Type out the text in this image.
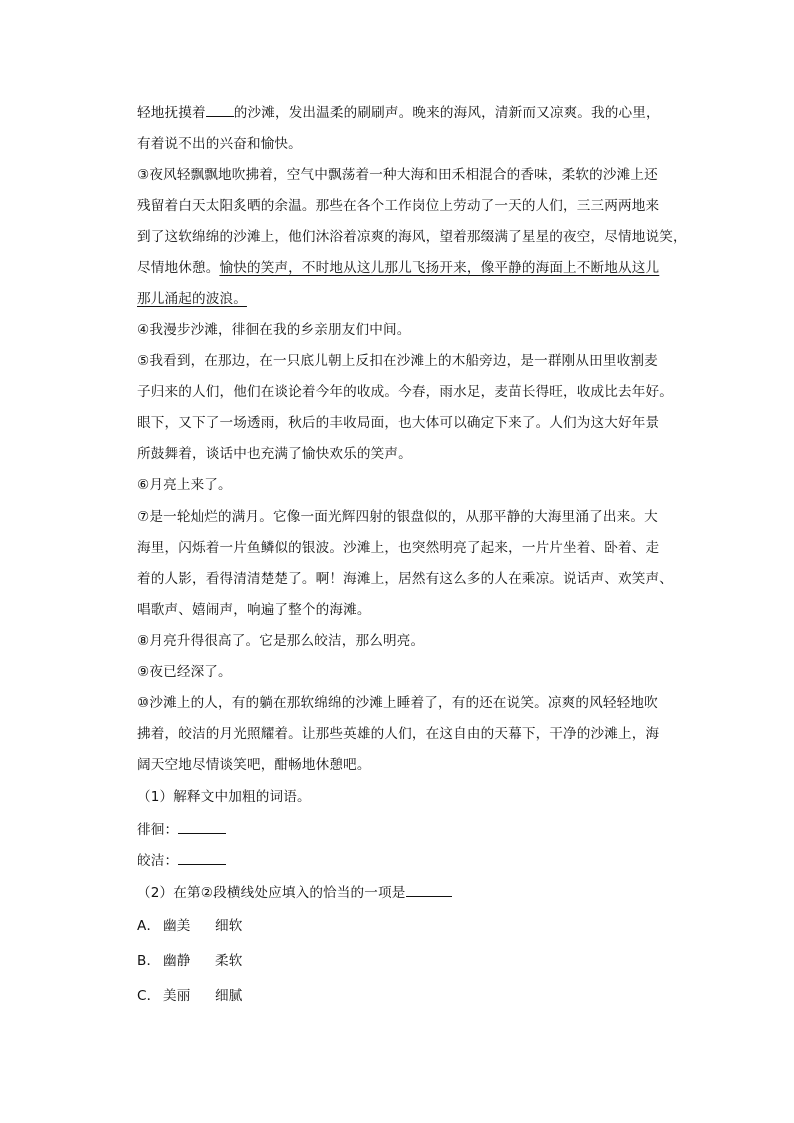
轻地抚摸着 的沙滩，发出温柔的刷刷声。晚来的海风，清新而又凉爽。我的心里，
有着说不出的兴奋和愉快。
③夜风轻飘飘地吹拂着，空气中飘荡着一种大海和田禾相混合的香味，柔软的沙滩上还
残留着白天太阳炙晒的余温。那些在各个工作岗位上劳动了一天的人们，三三两两地来
到了这软绵绵的沙滩上，他们沐浴着凉爽的海风，望着那缀满了星星的夜空，尽情地说笑，
尽情地休憩。愉快的笑声，不时地从这儿那儿飞扬开来，像平静的海面上不断地从这儿
那儿涌起的波浪。
④我漫步沙滩，徘徊在我的乡亲朋友们中间。
⑤我看到，在那边，在一只底儿朝上反扣在沙滩上的木船旁边，是一群刚从田里收割麦
子归来的人们，他们在谈论着今年的收成。今春，雨水足，麦苗长得旺，收成比去年好。
眼下，又下了一场透雨，秋后的丰收局面，也大体可以确定下来了。人们为这大好年景
所鼓舞着，谈话中也充满了愉快欢乐的笑声。
⑥月亮上来了。
⑦是一轮灿烂的满月。它像一面光辉四射的银盘似的，从那平静的大海里涌了出来。大
海里，闪烁着一片鱼鳞似的银波。沙滩上，也突然明亮了起来，一片片坐着、卧着、走
着的人影，看得清清楚楚了。啊！海滩上，居然有这么多的人在乘凉。说话声、欢笑声、
唱歌声、嬉闹声，响遍了整个的海滩。
⑧月亮升得很高了。它是那么皎洁，那么明亮。
⑨夜已经深了。
⑩沙滩上的人，有的躺在那软绵绵的沙滩上睡着了，有的还在说笑。凉爽的风轻轻地吹
拂着，皎洁的月光照耀着。让那些英雄的人们，在这自由的天幕下，干净的沙滩上，海
阔天空地尽情谈笑吧，酣畅地休憩吧。
（1）解释文中加粗的词语。
徘徊：
皎洁：
（2）在第②段横线处应填入的恰当的一项是
A． 幽美 细软
B． 幽静 柔软
C． 美丽 细腻
